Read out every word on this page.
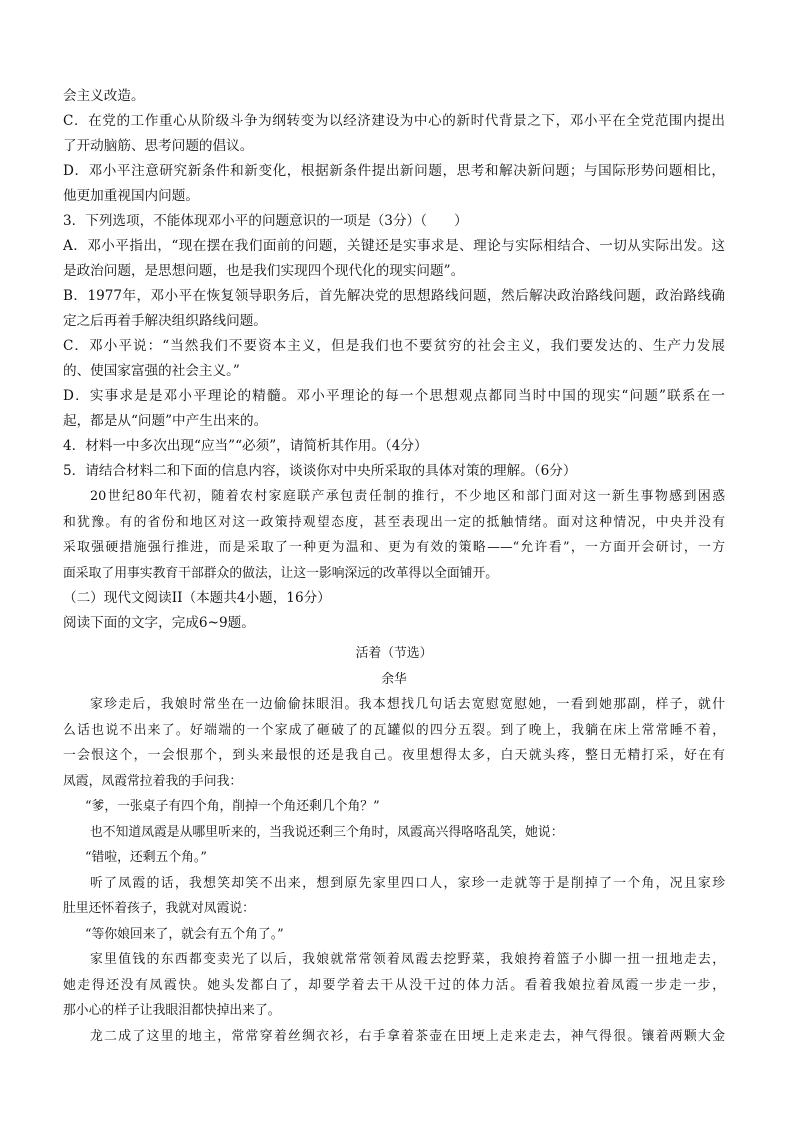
会主义改造。

C．在党的工作重心从阶级斗争为纲转变为以经济建设为中心的新时代背景之下，邓小平在全党范围内提出

了开动脑筋、思考问题的倡议。

D．邓小平注意研究新条件和新变化，根据新条件提出新问题，思考和解决新问题；与国际形势问题相比，

他更加重视国内问题。

3．下列选项，不能体现邓小平的问题意识的一项是（3分）（　　）

A．邓小平指出，“现在摆在我们面前的问题，关键还是实事求是、理论与实际相结合、一切从实际出发。这

是政治问题，是思想问题，也是我们实现四个现代化的现实问题”。

B．1977年，邓小平在恢复领导职务后，首先解决党的思想路线问题，然后解决政治路线问题，政治路线确

定之后再着手解决组织路线问题。

C．邓小平说：“当然我们不要资本主义，但是我们也不要贫穷的社会主义，我们要发达的、生产力发展

的、使国家富强的社会主义。”

D．实事求是是邓小平理论的精髓。邓小平理论的每一个思想观点都同当时中国的现实“问题”联系在一

起，都是从“问题”中产生出来的。

4．材料一中多次出现“应当”“必须”，请简析其作用。（4分）

5．请结合材料二和下面的信息内容，谈谈你对中央所采取的具体对策的理解。（6分）

20世纪80年代初，随着农村家庭联产承包责任制的推行，不少地区和部门面对这一新生事物感到困惑

和犹豫。有的省份和地区对这一政策持观望态度，甚至表现出一定的抵触情绪。面对这种情况，中央并没有

采取强硬措施强行推进，而是采取了一种更为温和、更为有效的策略——“允许看”，一方面开会研讨，一方

面采取了用事实教育干部群众的做法，让这一影响深远的改革得以全面铺开。

（二）现代文阅读II（本题共4小题，16分）

阅读下面的文字，完成6~9题。

活着（节选）

余华

家珍走后，我娘时常坐在一边偷偷抹眼泪。我本想找几句话去宽慰宽慰她，一看到她那副，样子，就什

么话也说不出来了。好端端的一个家成了砸破了的瓦罐似的四分五裂。到了晚上，我躺在床上常常睡不着，

一会恨这个，一会恨那个，到头来最恨的还是我自己。夜里想得太多，白天就头疼，整日无精打采，好在有

凤霞，凤霞常拉着我的手问我：

“爹，一张桌子有四个角，削掉一个角还剩几个角？”

也不知道凤霞是从哪里听来的，当我说还剩三个角时，凤霞高兴得咯咯乱笑，她说：

“错啦，还剩五个角。”

听了凤霞的话，我想笑却笑不出来，想到原先家里四口人，家珍一走就等于是削掉了一个角，况且家珍

肚里还怀着孩子，我就对凤霞说：

“等你娘回来了，就会有五个角了。”

家里值钱的东西都变卖光了以后，我娘就常常领着凤霞去挖野菜，我娘挎着篮子小脚一扭一扭地走去，

她走得还没有凤霞快。她头发都白了，却要学着去干从没干过的体力活。看着我娘拉着凤霞一步走一步，

那小心的样子让我眼泪都快掉出来了。

龙二成了这里的地主，常常穿着丝绸衣衫，右手拿着茶壶在田埂上走来走去，神气得很。镶着两颗大金
